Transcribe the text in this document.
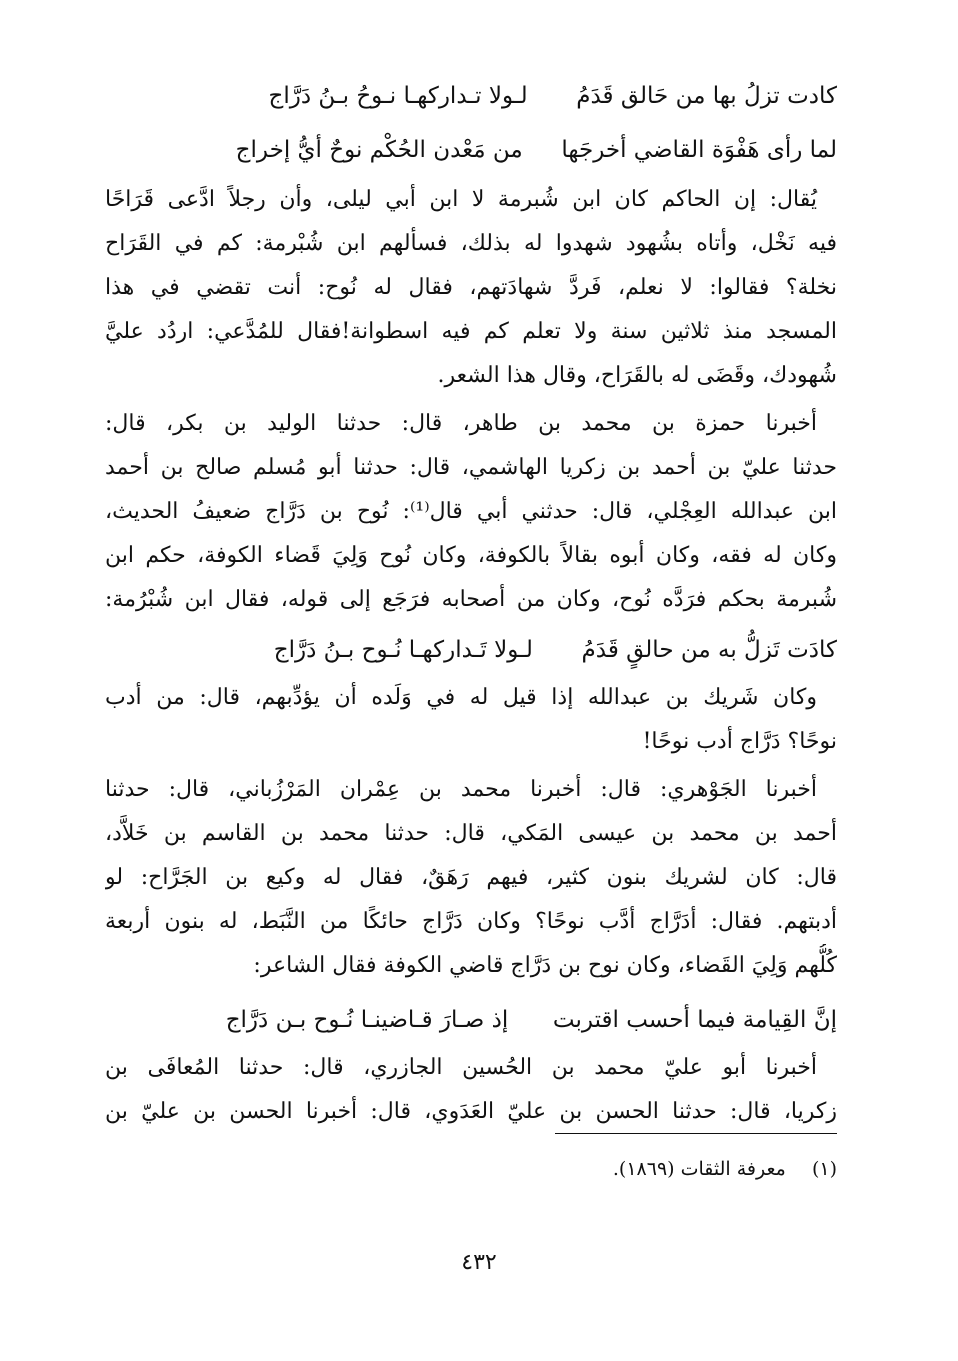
كادت تزلُ بها من حَالق قَدَمُ  لـولا تـداركهـا نـوحُ بـنُ دَرَّاج
لما رأى هَفْوَة القاضي أخرجَها  من مَعْدن الحُكْم نوحٌ أيُّ إخراج
يُقال: إن الحاكم كان ابن شُبرمة لا ابن أبي ليلى، وأن رجلاً ادَّعى قَرَاحًا
فيه نَخْل، وأتاه بشُهود شهدوا له بذلك، فسألهم ابن شُبْرمة: كم في القَرَاح
نخلة؟ فقالوا: لا نعلم، فَردَّ شهادَتهم، فقال له نُوح: أنت تقضي في هذا
المسجد منذ ثلاثين سنة ولا تعلم كم فيه اسطوانة!فقال للمُدَّعي: اردُد عليَّ
شُهودك، وقَضَى له بالقَرَاح، وقال هذا الشعر.
أخبرنا حمزة بن محمد بن طاهر، قال: حدثنا الوليد بن بكر، قال:
حدثنا عليّ بن أحمد بن زكريا الهاشمي، قال: حدثنا أبو مُسلم صالح بن أحمد
ابن عبدالله العِجْلي، قال: حدثني أبي قال⁽¹⁾: نُوح بن دَرَّاج ضعيفُ الحديث،
وكان له فقه، وكان أبوه بقالاً بالكوفة، وكان نُوح وَلِيَ قَضاء الكوفة، حكم ابن
شُبرمة بحكم فرَدَّه نُوح، وكان من أصحابه فرَجَع إلى قوله، فقال ابن شُبْرُمة:
كادَت تَزلُّ به من حالقٍ قَدَمُ  لـولا تَـداركهـا نُـوح بـنُ دَرَّاج
وكان شَريك بن عبدالله إذا قيل له في وَلَده أن يؤدِّبهم، قال: من أدب
نوحًا؟ دَرَّاج أدب نوحًا!
أخبرنا الجَوْهري: قال: أخبرنا محمد بن عِمْران المَرْزُباني، قال: حدثنا
أحمد بن محمد بن عيسى المَكي، قال: حدثنا محمد بن القاسم بن خَلاَّد،
قال: كان لشريك بنون كثير، فيهم رَهَقٌ، فقال له وكيع بن الجَرَّاح: لو
أدبتهم. فقال: أدَرَّاج أدَّب نوحًا؟ وكان دَرَّاج حائكًا من النَّبَط، له بنون أربعة
كُلُّهم وَلِيَ القَضاء، وكان نوح بن دَرَّاج قاضي الكوفة فقال الشاعر:
إنَّ القِيامة فيما أحسب اقتربت  إذ صـارَ قـاضينـا نُـوح بـن دَرَّاج
أخبرنا أبو عليّ محمد بن الحُسين الجازري، قال: حدثنا المُعافَى بن
زكريا، قال: حدثنا الحسن بن عليّ العَدَوي، قال: أخبرنا الحسن بن عليّ بن
(١)  معرفة الثقات (١٨٦٩).
٤٣٢
